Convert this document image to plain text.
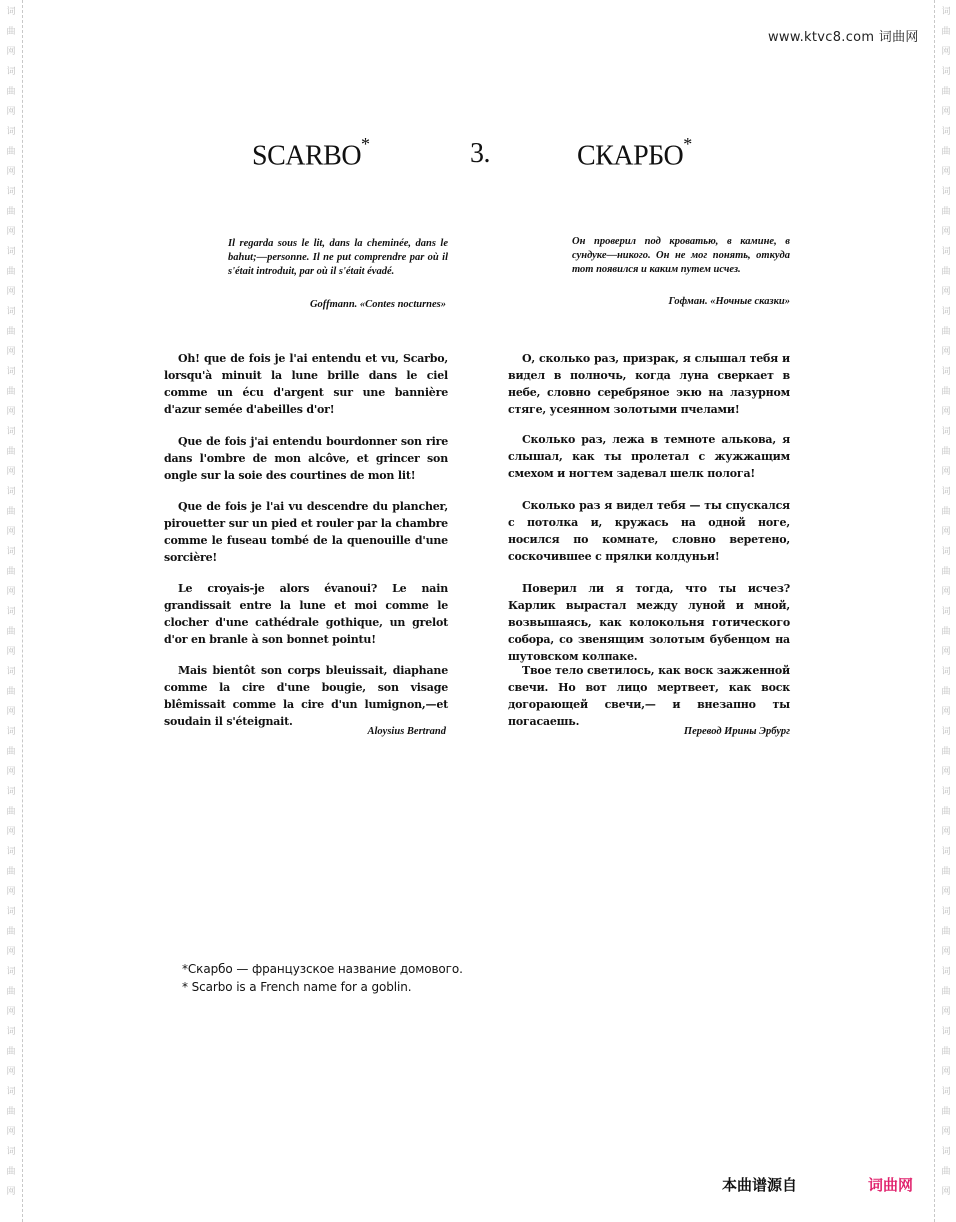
词
曲
网
词
曲
网
词
曲
网
词
曲
网
词
曲
网
词
曲
网
词
曲
网
词
曲
网
词
曲
网
词
曲
网
词
曲
网
词
曲
网
词
曲
网
词
曲
网
词
曲
网
词
曲
网
词
曲
网
词
曲
网
词
曲
网
词
曲
网
词
曲
网
词
曲
网
词
曲
网
词
曲
网
词
曲
网
词
曲
网
词
曲
网
词
曲
网
词
曲
网
词
曲
网
词
曲
网
词
曲
网
词
曲
网
词
曲
网
词
曲
网
词
曲
网
词
曲
网
词
曲
网
词
曲
网
词
曲
网
www.ktvc8.com 词曲网
SCARBO*	3.	СКАРБО*
Il regarda sous le lit, dans la cheminée, dans le bahut;—personne. Il ne put comprendre par où il s'était introduit, par où il s'était évadé.
Goffmann. «Contes nocturnes»
Он проверил под кроватью, в камине, в сундуке—никого. Он не мог понять, откуда тот появился и каким путем исчез.
Гофман. «Ночные сказки»
Oh! que de fois je l'ai entendu et vu, Scarbo, lorsqu'à minuit la lune brille dans le ciel comme un écu d'argent sur une bannière d'azur semée d'abeilles d'or!
Que de fois j'ai entendu bourdonner son rire dans l'ombre de mon alcôve, et grincer son ongle sur la soie des courtines de mon lit!
Que de fois je l'ai vu descendre du plancher, pirouetter sur un pied et rouler par la chambre comme le fuseau tombé de la quenouille d'une sorcière!
Le croyais-je alors évanoui? Le nain grandissait entre la lune et moi comme le clocher d'une cathédrale gothique, un grelot d'or en branle à son bonnet pointu!
Mais bientôt son corps bleuissait, diaphane comme la cire d'une bougie, son visage blêmissait comme la cire d'un lumignon,—et soudain il s'éteignait.
Aloysius Bertrand
О, сколько раз, призрак, я слышал тебя и видел в полночь, когда луна сверкает в небе, словно серебряное экю на лазурном стяге, усеянном золотыми пчелами!
Сколько раз, лежа в темноте алькова, я слышал, как ты пролетал с жужжащим смехом и ногтем задевал шелк полога!
Сколько раз я видел тебя — ты спускался с потолка и, кружась на одной ноге, носился по комнате, словно веретено, соскочившее с прялки колдуньи!
Поверил ли я тогда, что ты исчез? Карлик вырастал между луной и мной, возвышаясь, как колокольня готического собора, со звенящим золотым бубенцом на шутовском колпаке.
Твое тело светилось, как воск зажженной свечи. Но вот лицо мертвеет, как воск догорающей свечи,— и внезапно ты погасаешь.
Перевод Ирины Эрбург
*Скарбо — французское название домового.
* Scarbo is a French name for a goblin.
本曲谱源自	词曲网
